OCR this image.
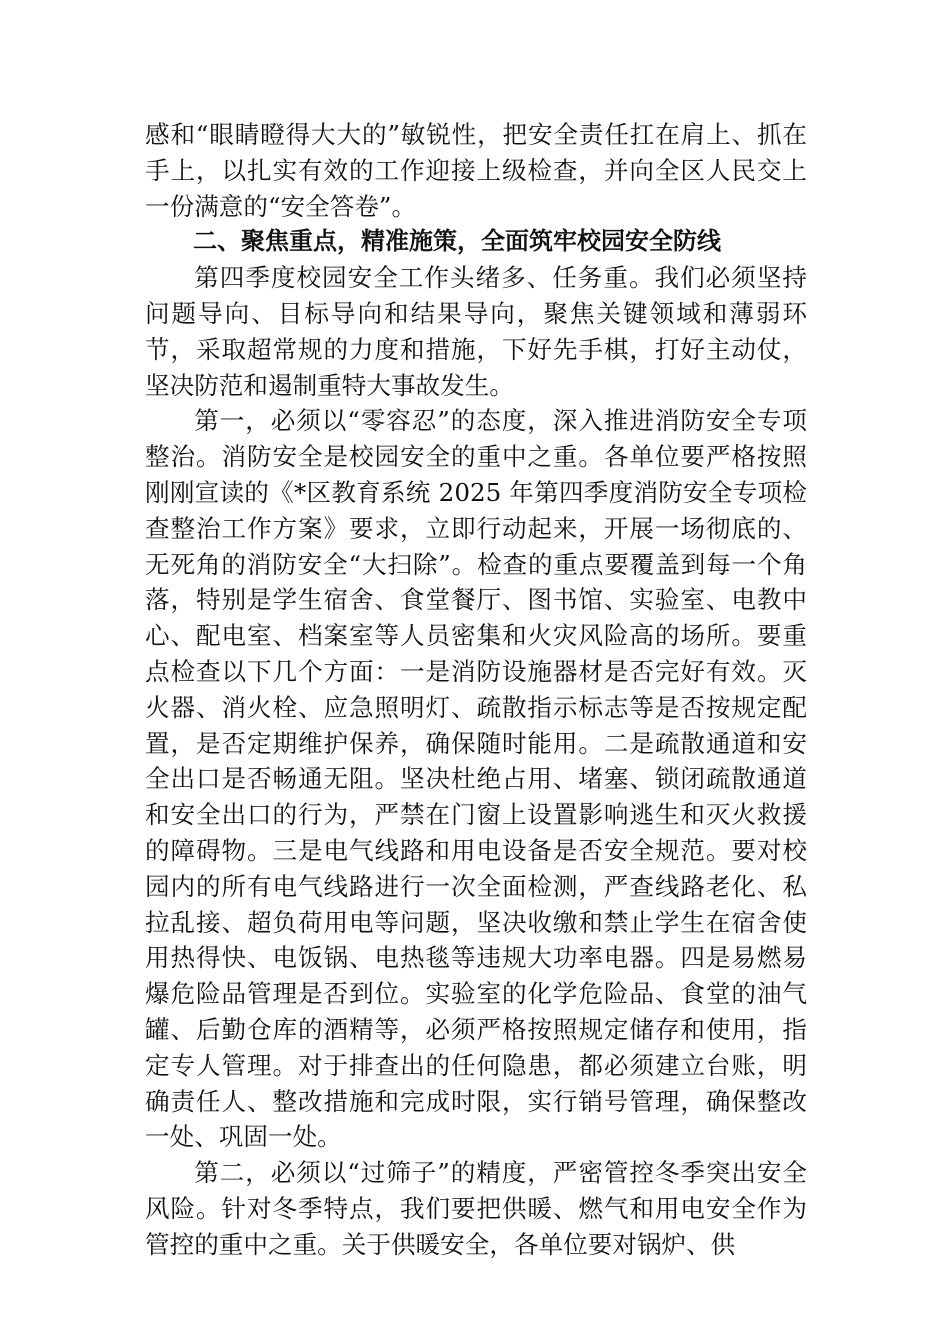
感和“眼睛瞪得大大的”敏锐性，把安全责任扛在肩上、抓在手上，以扎实有效的工作迎接上级检查，并向全区人民交上一份满意的“安全答卷”。

二、聚焦重点，精准施策，全面筑牢校园安全防线

第四季度校园安全工作头绪多、任务重。我们必须坚持问题导向、目标导向和结果导向，聚焦关键领域和薄弱环节，采取超常规的力度和措施，下好先手棋，打好主动仗，坚决防范和遏制重特大事故发生。

第一，必须以“零容忍”的态度，深入推进消防安全专项整治。消防安全是校园安全的重中之重。各单位要严格按照刚刚宣读的《*区教育系统 2025 年第四季度消防安全专项检查整治工作方案》要求，立即行动起来，开展一场彻底的、无死角的消防安全“大扫除”。检查的重点要覆盖到每一个角落，特别是学生宿舍、食堂餐厅、图书馆、实验室、电教中心、配电室、档案室等人员密集和火灾风险高的场所。要重点检查以下几个方面：一是消防设施器材是否完好有效。灭火器、消火栓、应急照明灯、疏散指示标志等是否按规定配置，是否定期维护保养，确保随时能用。二是疏散通道和安全出口是否畅通无阻。坚决杜绝占用、堵塞、锁闭疏散通道和安全出口的行为，严禁在门窗上设置影响逃生和灭火救援的障碍物。三是电气线路和用电设备是否安全规范。要对校园内的所有电气线路进行一次全面检测，严查线路老化、私拉乱接、超负荷用电等问题，坚决收缴和禁止学生在宿舍使用热得快、电饭锅、电热毯等违规大功率电器。四是易燃易爆危险品管理是否到位。实验室的化学危险品、食堂的油气罐、后勤仓库的酒精等，必须严格按照规定储存和使用，指定专人管理。对于排查出的任何隐患，都必须建立台账，明确责任人、整改措施和完成时限，实行销号管理，确保整改一处、巩固一处。

第二，必须以“过筛子”的精度，严密管控冬季突出安全风险。针对冬季特点，我们要把供暖、燃气和用电安全作为管控的重中之重。关于供暖安全，各单位要对锅炉、供
